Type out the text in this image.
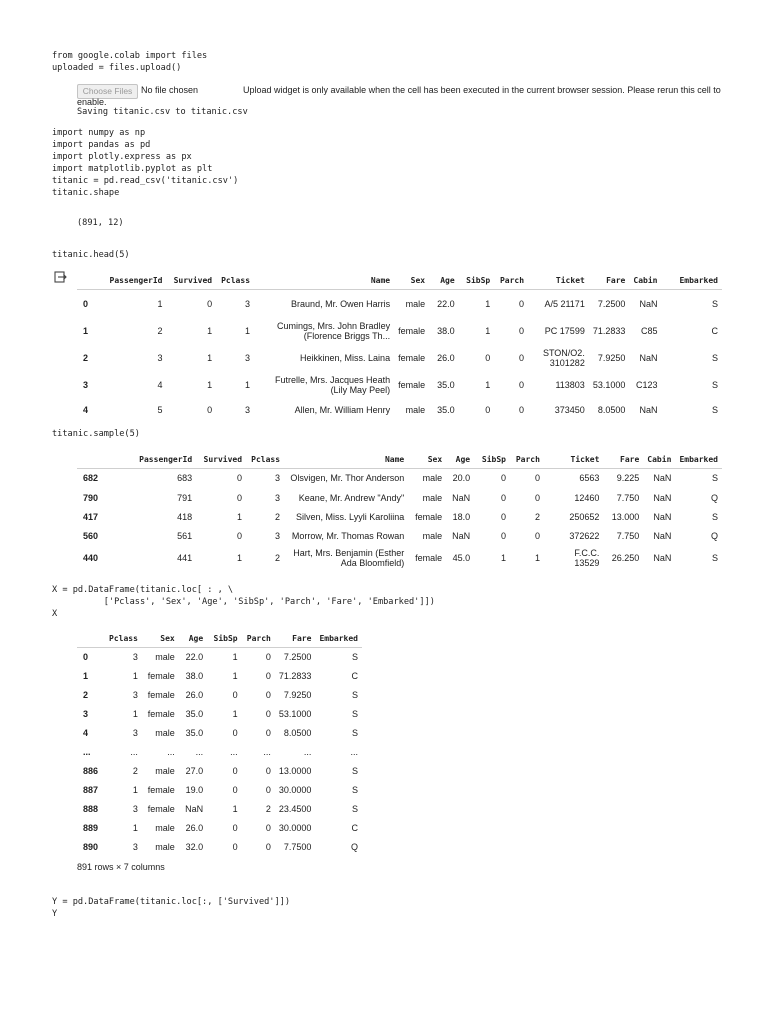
from google.colab import files
uploaded = files.upload()
Choose Files No file chosen	Upload widget is only available when the cell has been executed in the current browser session. Please rerun this cell to
enable.
Saving titanic.csv to titanic.csv
import numpy as np
import pandas as pd
import plotly.express as px
import matplotlib.pyplot as plt
titanic = pd.read_csv('titanic.csv')
titanic.shape
(891, 12)
titanic.head(5)
	PassengerId	Survived	Pclass	Name	Sex	Age	SibSp	Parch	Ticket	Fare	Cabin	Embarked
0	1	0	3	Braund, Mr. Owen Harris	male	22.0	1	0	A/5 21171	7.2500	NaN	S
1	2	1	1	Cumings, Mrs. John Bradley (Florence Briggs Th...	female	38.0	1	0	PC 17599	71.2833	C85	C
2	3	1	3	Heikkinen, Miss. Laina	female	26.0	0	0	STON/O2. 3101282	7.9250	NaN	S
3	4	1	1	Futrelle, Mrs. Jacques Heath (Lily May Peel)	female	35.0	1	0	113803	53.1000	C123	S
4	5	0	3	Allen, Mr. William Henry	male	35.0	0	0	373450	8.0500	NaN	S
titanic.sample(5)
	PassengerId	Survived	Pclass	Name	Sex	Age	SibSp	Parch	Ticket	Fare	Cabin	Embarked
682	683	0	3	Olsvigen, Mr. Thor Anderson	male	20.0	0	0	6563	9.225	NaN	S
790	791	0	3	Keane, Mr. Andrew "Andy"	male	NaN	0	0	12460	7.750	NaN	Q
417	418	1	2	Silven, Miss. Lyyli Karoliina	female	18.0	0	2	250652	13.000	NaN	S
560	561	0	3	Morrow, Mr. Thomas Rowan	male	NaN	0	0	372622	7.750	NaN	Q
440	441	1	2	Hart, Mrs. Benjamin (Esther Ada Bloomfield)	female	45.0	1	1	F.C.C. 13529	26.250	NaN	S
X = pd.DataFrame(titanic.loc[ : , \
['Pclass', 'Sex', 'Age', 'SibSp', 'Parch', 'Fare', 'Embarked']])
X
	Pclass	Sex	Age	SibSp	Parch	Fare	Embarked
0	3	male	22.0	1	0	7.2500	S
1	1	female	38.0	1	0	71.2833	C
2	3	female	26.0	0	0	7.9250	S
3	1	female	35.0	1	0	53.1000	S
4	3	male	35.0	0	0	8.0500	S
...	...	...	...	...	...	...	...
886	2	male	27.0	0	0	13.0000	S
887	1	female	19.0	0	0	30.0000	S
888	3	female	NaN	1	2	23.4500	S
889	1	male	26.0	0	0	30.0000	C
890	3	male	32.0	0	0	7.7500	Q
891 rows × 7 columns
Y = pd.DataFrame(titanic.loc[:, ['Survived']])
Y
